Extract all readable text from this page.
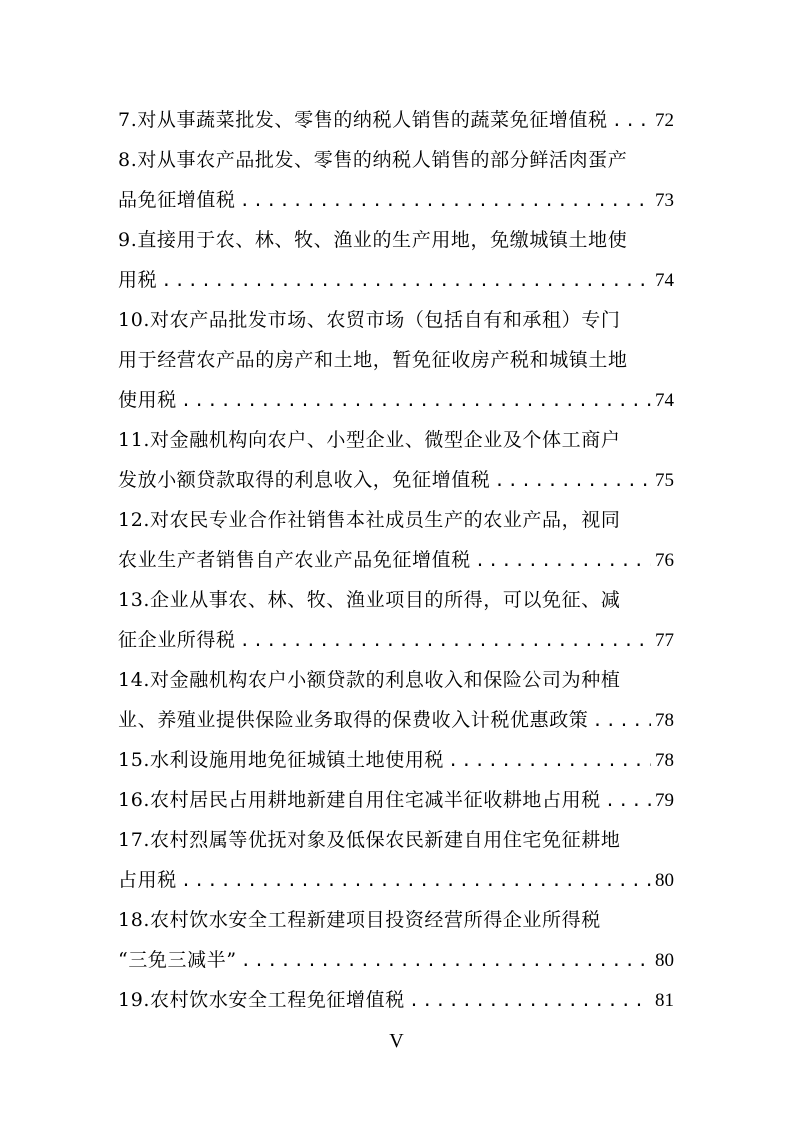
7.对从事蔬菜批发、零售的纳税人销售的蔬菜免征增值税 ..... 72
8.对从事农产品批发、零售的纳税人销售的部分鲜活肉蛋产
品免征增值税 .....	73
9.直接用于农、林、牧、渔业的生产用地，免缴城镇土地使
用税 .....	74
10.对农产品批发市场、农贸市场（包括自有和承租）专门
用于经营农产品的房产和土地，暂免征收房产税和城镇土地
使用税 .....	74
11.对金融机构向农户、小型企业、微型企业及个体工商户
发放小额贷款取得的利息收入，免征增值税 .....	75
12.对农民专业合作社销售本社成员生产的农业产品，视同
农业生产者销售自产农业产品免征增值税 .....	76
13.企业从事农、林、牧、渔业项目的所得，可以免征、减
征企业所得税 .....	77
14.对金融机构农户小额贷款的利息收入和保险公司为种植
业、养殖业提供保险业务取得的保费收入计税优惠政策 .....	78
15.水利设施用地免征城镇土地使用税 .....	78
16.农村居民占用耕地新建自用住宅减半征收耕地占用税 .....	79
17.农村烈属等优抚对象及低保农民新建自用住宅免征耕地
占用税 .....	80
18.农村饮水安全工程新建项目投资经营所得企业所得税
“三免三减半” .....	80
19.农村饮水安全工程免征增值税 .....	81
V
